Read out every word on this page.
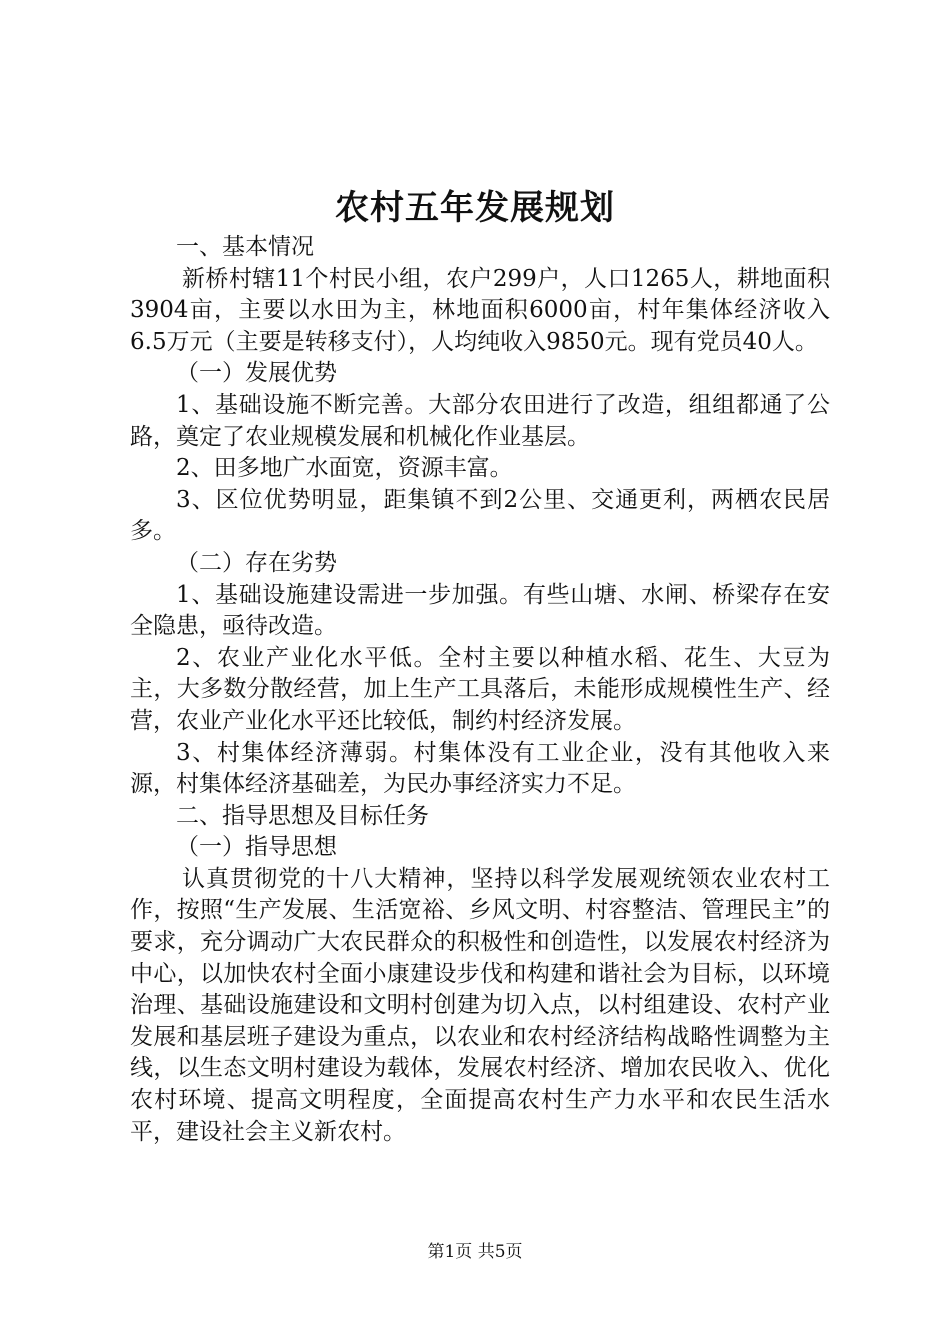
农村五年发展规划

一、基本情况

新桥村辖11个村民小组，农户299户，人口1265人，耕地面积3904亩，主要以水田为主，林地面积6000亩，村年集体经济收入6.5万元（主要是转移支付），人均纯收入9850元。现有党员40人。

（一）发展优势

1、基础设施不断完善。大部分农田进行了改造，组组都通了公路，奠定了农业规模发展和机械化作业基层。

2、田多地广水面宽，资源丰富。

3、区位优势明显，距集镇不到2公里、交通更利，两栖农民居多。

（二）存在劣势

1、基础设施建设需进一步加强。有些山塘、水闸、桥梁存在安全隐患，亟待改造。

2、农业产业化水平低。全村主要以种植水稻、花生、大豆为主，大多数分散经营，加上生产工具落后，未能形成规模性生产、经营，农业产业化水平还比较低，制约村经济发展。

3、村集体经济薄弱。村集体没有工业企业，没有其他收入来源，村集体经济基础差，为民办事经济实力不足。

二、指导思想及目标任务

（一）指导思想

认真贯彻党的十八大精神，坚持以科学发展观统领农业农村工作，按照“生产发展、生活宽裕、乡风文明、村容整洁、管理民主”的要求，充分调动广大农民群众的积极性和创造性，以发展农村经济为中心，以加快农村全面小康建设步伐和构建和谐社会为目标，以环境治理、基础设施建设和文明村创建为切入点，以村组建设、农村产业发展和基层班子建设为重点，以农业和农村经济结构战略性调整为主线，以生态文明村建设为载体，发展农村经济、增加农民收入、优化农村环境、提高文明程度，全面提高农村生产力水平和农民生活水平，建设社会主义新农村。

第1页 共5页
